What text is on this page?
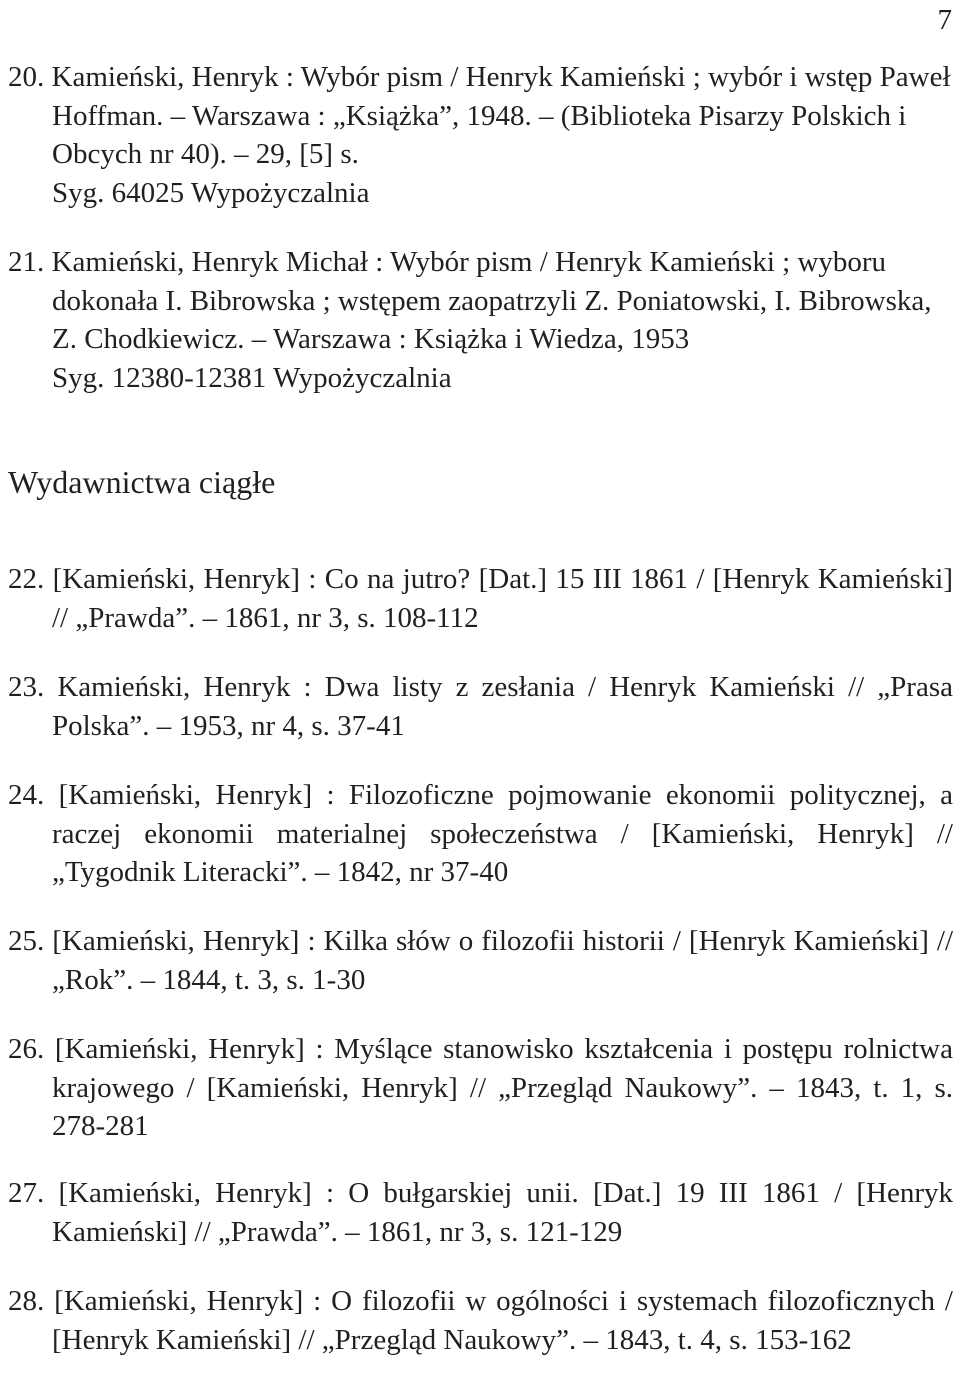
7
20. Kamieński, Henryk : Wybór pism / Henryk Kamieński ; wybór i wstęp Paweł Hoffman. – Warszawa : „Książka”, 1948. – (Biblioteka Pisarzy Polskich i Obcych nr 40). – 29, [5] s.
Syg. 64025 Wypożyczalnia
21. Kamieński, Henryk Michał : Wybór pism / Henryk Kamieński ; wyboru dokonała I. Bibrowska ; wstępem zaopatrzyli Z. Poniatowski, I. Bibrowska, Z. Chodkiewicz. – Warszawa : Książka i Wiedza, 1953
Syg. 12380-12381 Wypożyczalnia
Wydawnictwa ciągłe
22. [Kamieński, Henryk] : Co na jutro? [Dat.] 15 III 1861 / [Henryk Kamieński] // „Prawda”. – 1861, nr 3, s. 108-112
23. Kamieński, Henryk : Dwa listy z zesłania / Henryk Kamieński // „Prasa Polska”. – 1953, nr 4, s. 37-41
24. [Kamieński, Henryk] : Filozoficzne pojmowanie ekonomii politycznej, a raczej ekonomii materialnej społeczeństwa / [Kamieński, Henryk] // „Tygodnik Literacki”. – 1842, nr 37-40
25. [Kamieński, Henryk] : Kilka słów o filozofii historii / [Henryk Kamieński] // „Rok”. – 1844, t. 3, s. 1-30
26. [Kamieński, Henryk] : Myślące stanowisko kształcenia i postępu rolnictwa krajowego / [Kamieński, Henryk] // „Przegląd Naukowy”. – 1843, t. 1, s. 278-281
27. [Kamieński, Henryk] : O bułgarskiej unii. [Dat.] 19 III 1861 / [Henryk Kamieński] // „Prawda”. – 1861, nr 3, s. 121-129
28. [Kamieński, Henryk] : O filozofii w ogólności i systemach filozoficznych / [Henryk Kamieński] // „Przegląd Naukowy”. – 1843, t. 4, s. 153-162
